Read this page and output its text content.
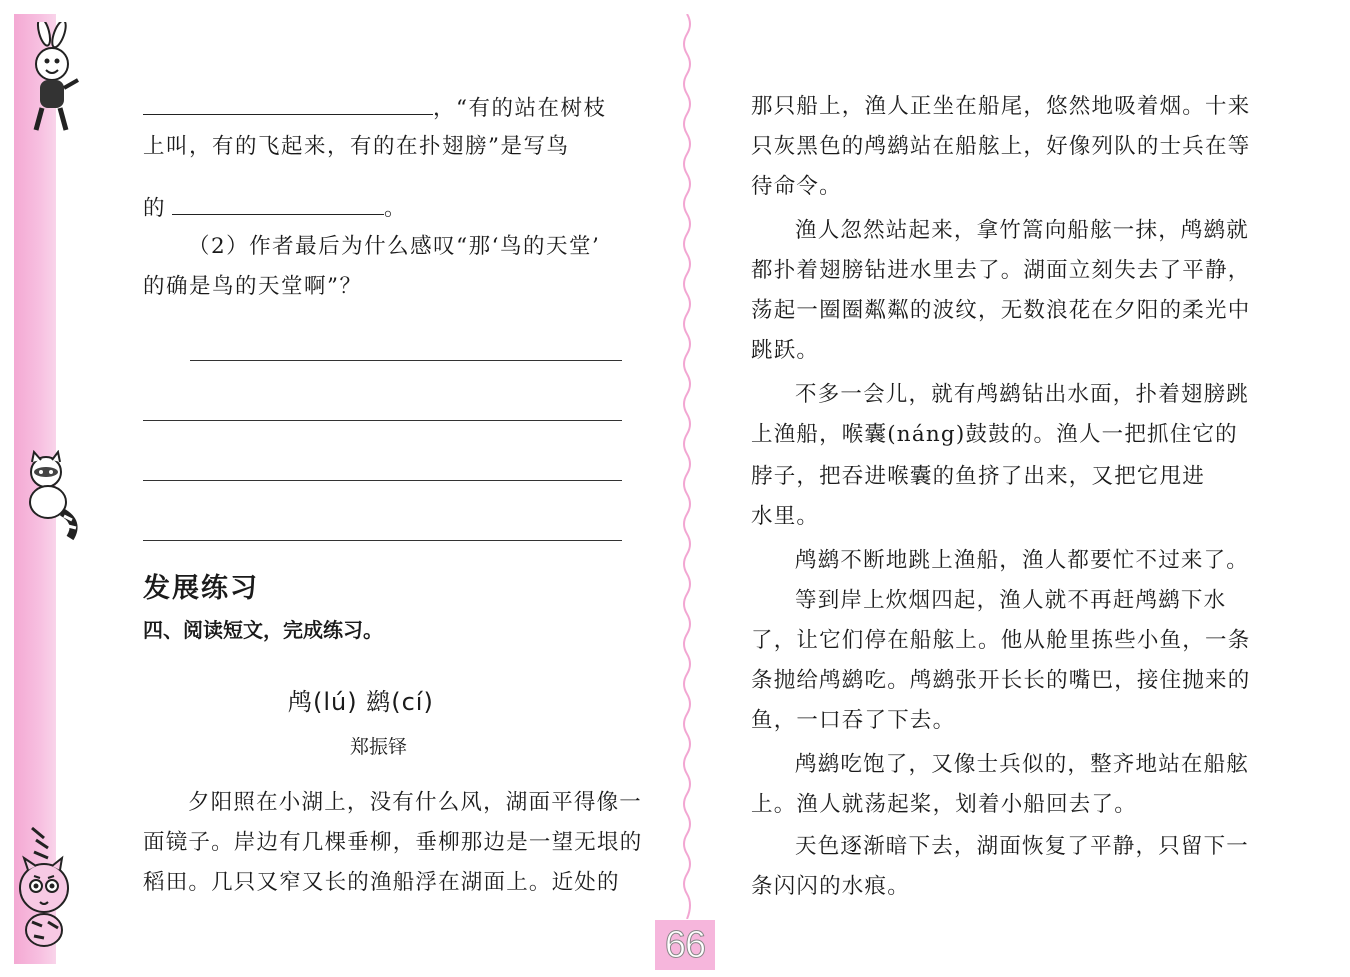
，“有的站在树枝
上叫，有的飞起来，有的在扑翅膀”是写鸟
的	。
（2）作者最后为什么感叹“那‘鸟的天堂’
的确是鸟的天堂啊”？
发展练习
四、阅读短文，完成练习。
鸬(lú) 鹚(cí)
郑振铎
夕阳照在小湖上，没有什么风，湖面平得像一
面镜子。岸边有几棵垂柳，垂柳那边是一望无垠的
稻田。几只又窄又长的渔船浮在湖面上。近处的
那只船上，渔人正坐在船尾，悠然地吸着烟。十来
只灰黑色的鸬鹚站在船舷上，好像列队的士兵在等
待命令。
渔人忽然站起来，拿竹篙向船舷一抹，鸬鹚就
都扑着翅膀钻进水里去了。湖面立刻失去了平静，
荡起一圈圈粼粼的波纹，无数浪花在夕阳的柔光中
跳跃。
不多一会儿，就有鸬鹚钻出水面，扑着翅膀跳
上渔船，喉囊(náng)鼓鼓的。渔人一把抓住它的
脖子，把吞进喉囊的鱼挤了出来，又把它甩进
水里。
鸬鹚不断地跳上渔船，渔人都要忙不过来了。
等到岸上炊烟四起，渔人就不再赶鸬鹚下水
了，让它们停在船舷上。他从舱里拣些小鱼，一条
条抛给鸬鹚吃。鸬鹚张开长长的嘴巴，接住抛来的
鱼，一口吞了下去。
鸬鹚吃饱了，又像士兵似的，整齐地站在船舷
上。渔人就荡起桨，划着小船回去了。
天色逐渐暗下去，湖面恢复了平静，只留下一
条闪闪的水痕。
66
